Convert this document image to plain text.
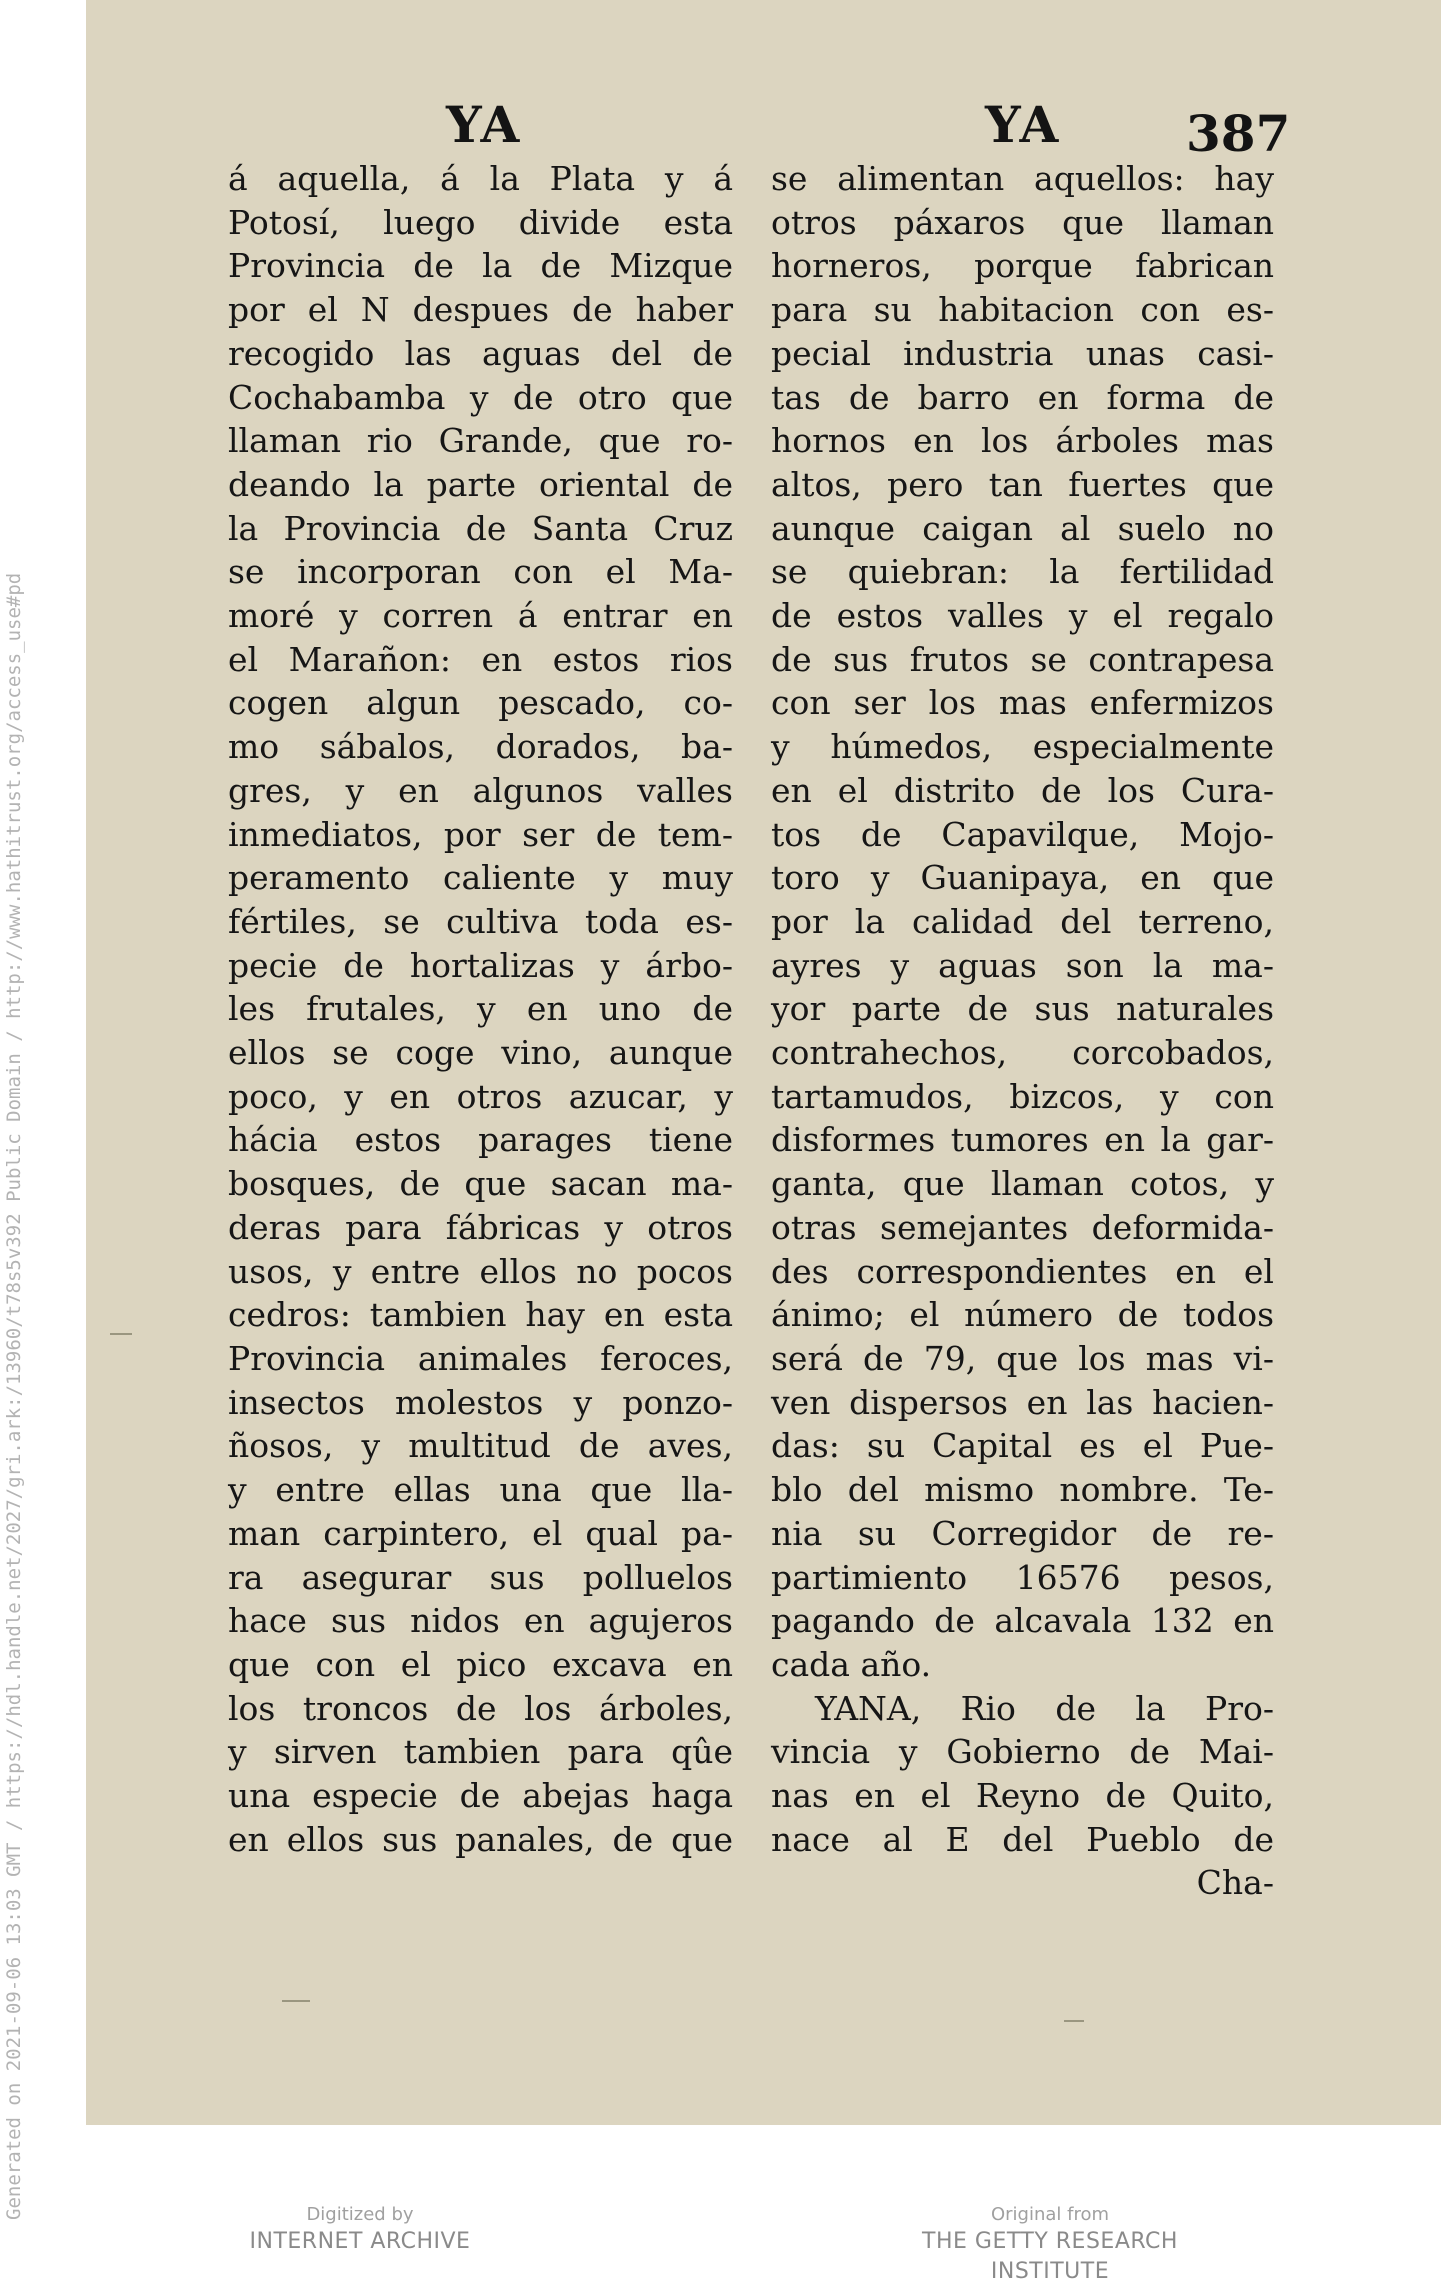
Generated on 2021-09-06 13:03 GMT / https://hdl.handle.net/2027/gri.ark:/13960/t78s5v392 Public Domain / http://www.hathitrust.org/access_use#pd
YA	YA	387
á aquella, á la Plata y á
Potosí, luego divide esta
Provincia de la de Mizque
por el N despues de haber
recogido las aguas del de
Cochabamba y de otro que
llaman rio Grande, que ro-
deando la parte oriental de
la Provincia de Santa Cruz
se incorporan con el Ma-
moré y corren á entrar en
el Marañon: en estos rios
cogen algun pescado, co-
mo sábalos, dorados, ba-
gres, y en algunos valles
inmediatos, por ser de tem-
peramento caliente y muy
fértiles, se cultiva toda es-
pecie de hortalizas y árbo-
les frutales, y en uno de
ellos se coge vino, aunque
poco, y en otros azucar, y
hácia estos parages tiene
bosques, de que sacan ma-
deras para fábricas y otros
usos, y entre ellos no pocos
cedros: tambien hay en esta
Provincia animales feroces,
insectos molestos y ponzo-
ñosos, y multitud de aves,
y entre ellas una que lla-
man carpintero, el qual pa-
ra asegurar sus polluelos
hace sus nidos en agujeros
que con el pico excava en
los troncos de los árboles,
y sirven tambien para qûe
una especie de abejas haga
en ellos sus panales, de que
se alimentan aquellos: hay
otros páxaros que llaman
horneros, porque fabrican
para su habitacion con es-
pecial industria unas casi-
tas de barro en forma de
hornos en los árboles mas
altos, pero tan fuertes que
aunque caigan al suelo no
se quiebran: la fertilidad
de estos valles y el regalo
de sus frutos se contrapesa
con ser los mas enfermizos
y húmedos, especialmente
en el distrito de los Cura-
tos de Capavilque, Mojo-
toro y Guanipaya, en que
por la calidad del terreno,
ayres y aguas son la ma-
yor parte de sus naturales
contrahechos, corcobados,
tartamudos, bizcos, y con
disformes tumores en la gar-
ganta, que llaman cotos, y
otras semejantes deformida-
des correspondientes en el
ánimo; el número de todos
será de 79, que los mas vi-
ven dispersos en las hacien-
das: su Capital es el Pue-
blo del mismo nombre. Te-
nia su Corregidor de re-
partimiento 16576 pesos,
pagando de alcavala 132 en
cada año.
YANA, Rio de la Pro-
vincia y Gobierno de Mai-
nas en el Reyno de Quito,
nace al E del Pueblo de
Cha-
Digitized by
INTERNET ARCHIVE
Original from
THE GETTY RESEARCH INSTITUTE
